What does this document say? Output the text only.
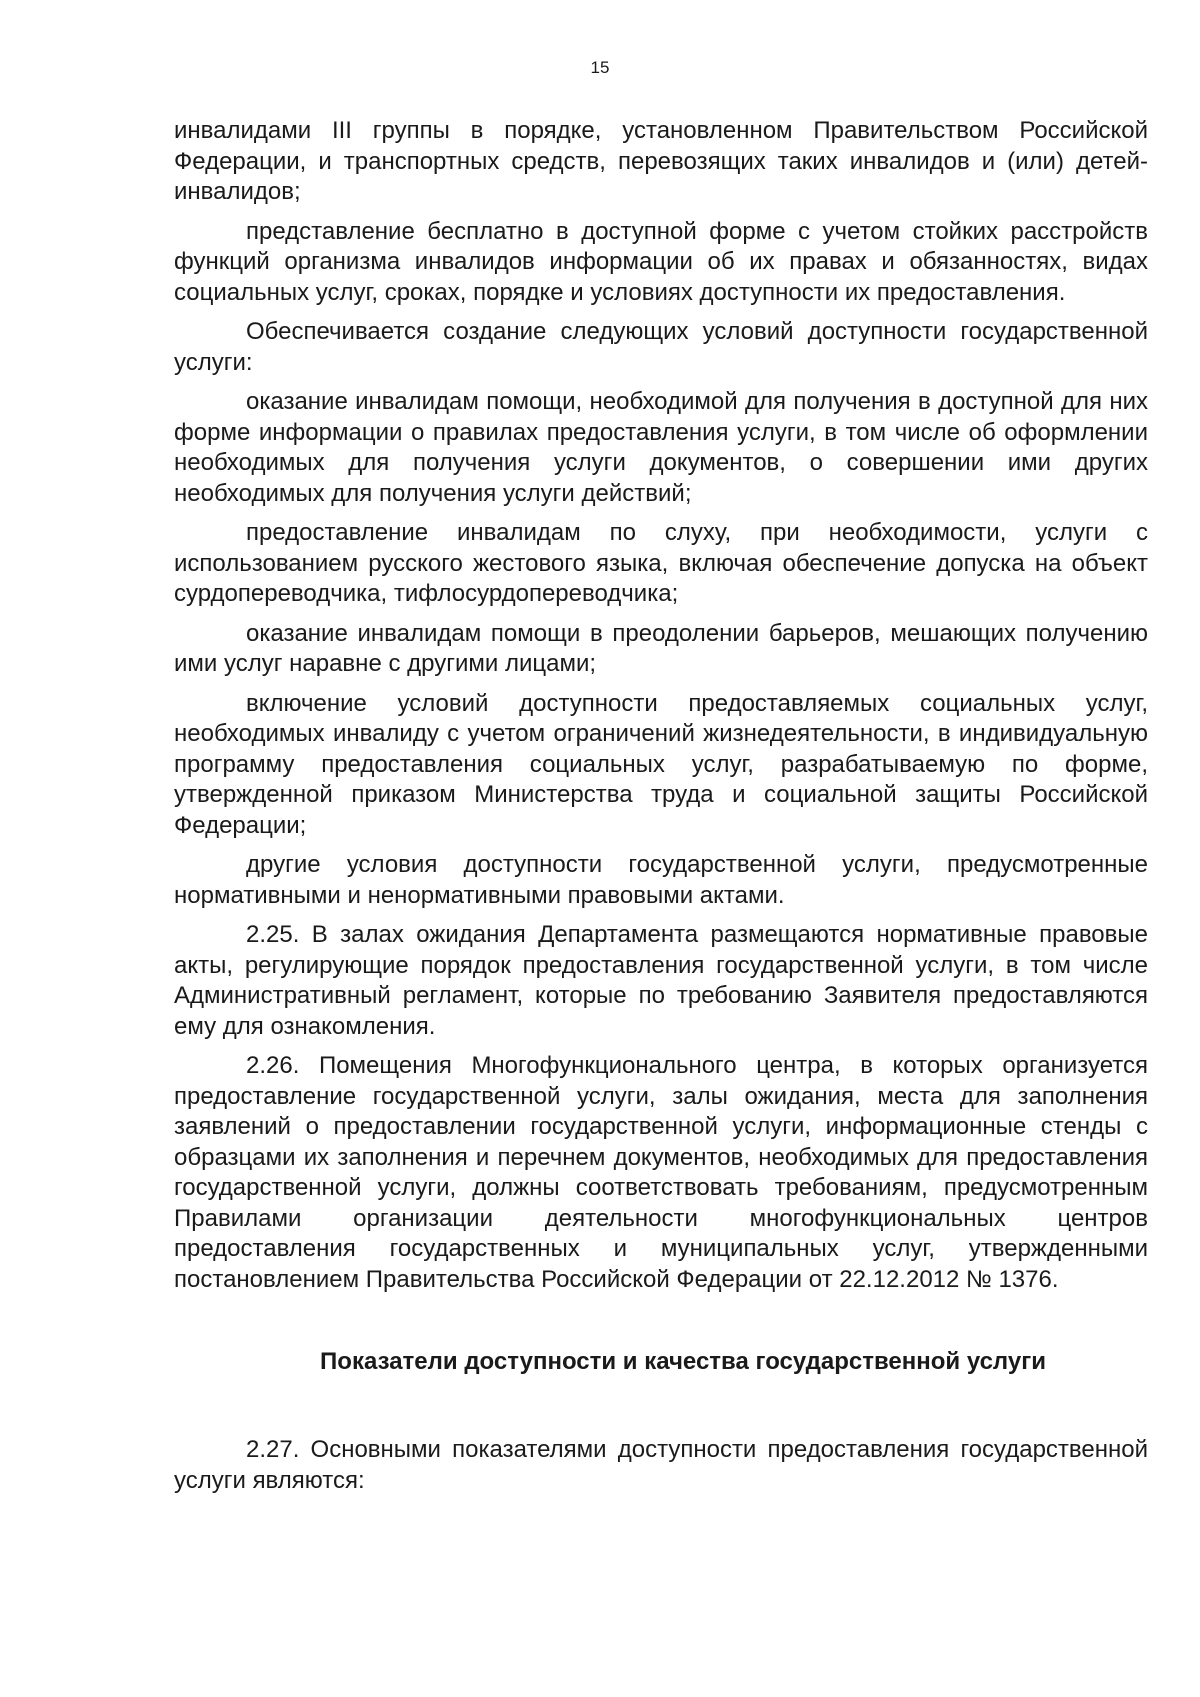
15

инвалидами III группы в порядке, установленном Правительством Российской Федерации, и транспортных средств, перевозящих таких инвалидов и (или) детей-инвалидов;

представление бесплатно в доступной форме с учетом стойких расстройств функций организма инвалидов информации об их правах и обязанностях, видах социальных услуг, сроках, порядке и условиях доступности их предоставления.

Обеспечивается создание следующих условий доступности государственной услуги:

оказание инвалидам помощи, необходимой для получения в доступной для них форме информации о правилах предоставления услуги, в том числе об оформлении необходимых для получения услуги документов, о совершении ими других необходимых для получения услуги действий;

предоставление инвалидам по слуху, при необходимости, услуги с использованием русского жестового языка, включая обеспечение допуска на объект сурдопереводчика, тифлосурдопереводчика;

оказание инвалидам помощи в преодолении барьеров, мешающих получению ими услуг наравне с другими лицами;

включение условий доступности предоставляемых социальных услуг, необходимых инвалиду с учетом ограничений жизнедеятельности, в индивидуальную программу предоставления социальных услуг, разрабатываемую по форме, утвержденной приказом Министерства труда и социальной защиты Российской Федерации;

другие условия доступности государственной услуги, предусмотренные нормативными и ненормативными правовыми актами.

2.25. В залах ожидания Департамента размещаются нормативные правовые акты, регулирующие порядок предоставления государственной услуги, в том числе Административный регламент, которые по требованию Заявителя предоставляются ему для ознакомления.

2.26. Помещения Многофункционального центра, в которых организуется предоставление государственной услуги, залы ожидания, места для заполнения заявлений о предоставлении государственной услуги, информационные стенды с образцами их заполнения и перечнем документов, необходимых для предоставления государственной услуги, должны соответствовать требованиям, предусмотренным Правилами организации деятельности многофункциональных центров предоставления государственных и муниципальных услуг, утвержденными постановлением Правительства Российской Федерации от 22.12.2012 № 1376.

Показатели доступности и качества государственной услуги

2.27. Основными показателями доступности предоставления государственной услуги являются:
